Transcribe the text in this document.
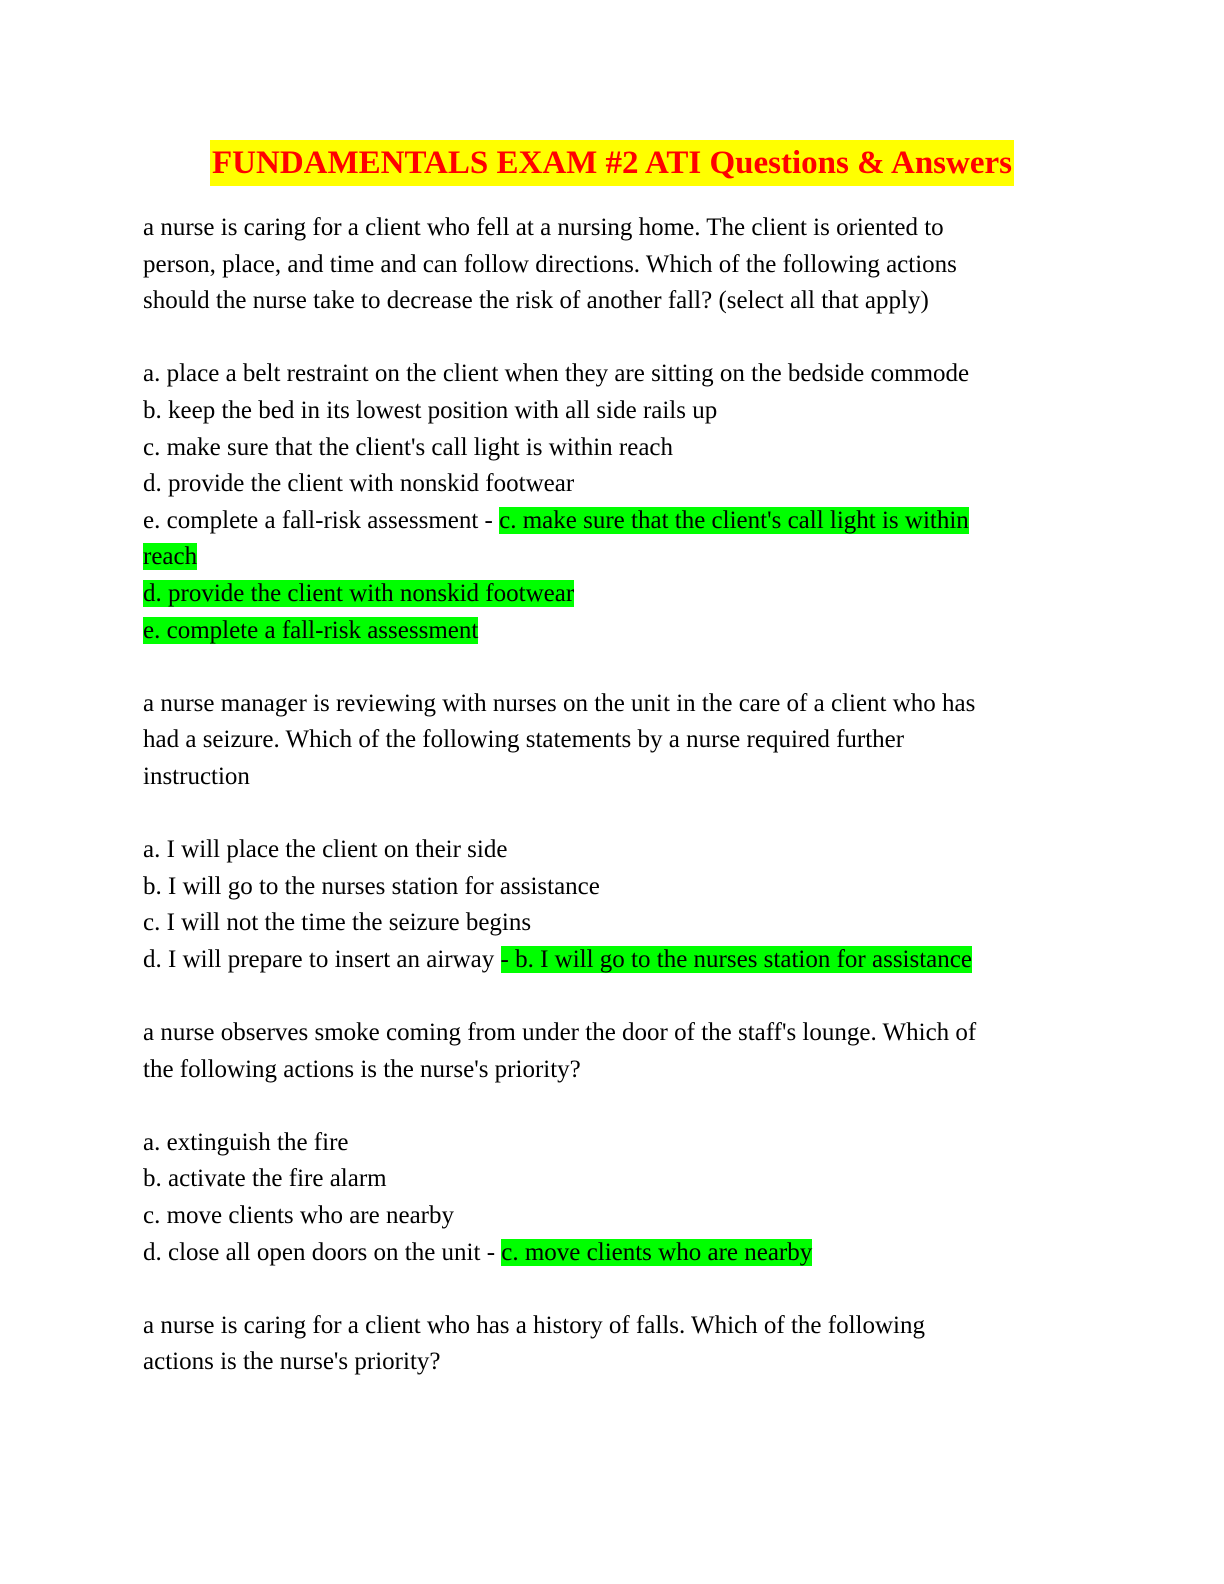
FUNDAMENTALS EXAM #2 ATI Questions & Answers
a nurse is caring for a client who fell at a nursing home. The client is oriented to
person, place, and time and can follow directions. Which of the following actions
should the nurse take to decrease the risk of another fall? (select all that apply)
a. place a belt restraint on the client when they are sitting on the bedside commode
b. keep the bed in its lowest position with all side rails up
c. make sure that the client's call light is within reach
d. provide the client with nonskid footwear
e. complete a fall-risk assessment - c. make sure that the client's call light is within
reach
d. provide the client with nonskid footwear
e. complete a fall-risk assessment
a nurse manager is reviewing with nurses on the unit in the care of a client who has
had a seizure. Which of the following statements by a nurse required further
instruction
a. I will place the client on their side
b. I will go to the nurses station for assistance
c. I will not the time the seizure begins
d. I will prepare to insert an airway - b. I will go to the nurses station for assistance
a nurse observes smoke coming from under the door of the staff's lounge. Which of
the following actions is the nurse's priority?
a. extinguish the fire
b. activate the fire alarm
c. move clients who are nearby
d. close all open doors on the unit - c. move clients who are nearby
a nurse is caring for a client who has a history of falls. Which of the following
actions is the nurse's priority?
